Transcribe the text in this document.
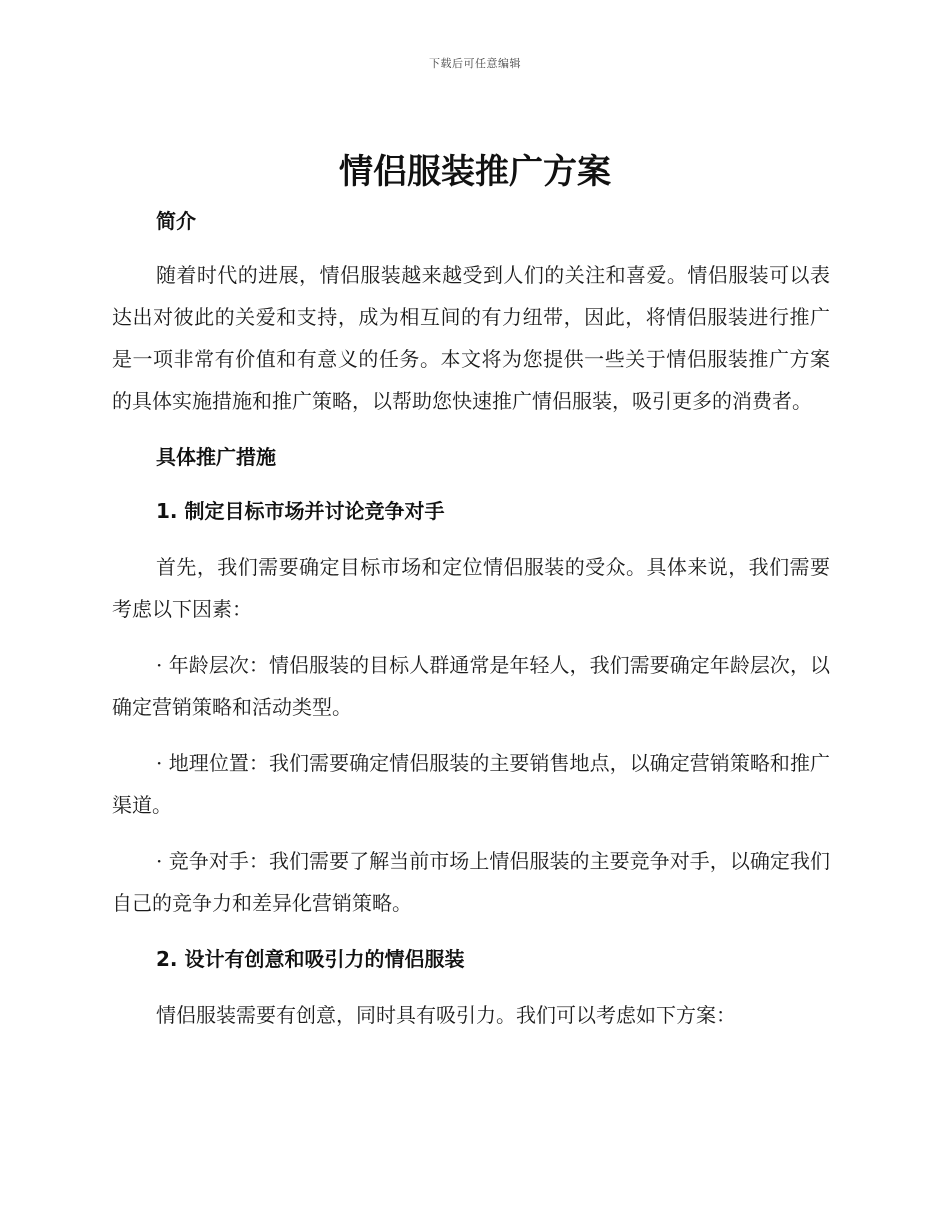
下载后可任意编辑
情侣服装推广方案

简介

随着时代的进展，情侣服装越来越受到人们的关注和喜爱。情侣服装可以表达出对彼此的关爱和支持，成为相互间的有力纽带，因此，将情侣服装进行推广是一项非常有价值和有意义的任务。本文将为您提供一些关于情侣服装推广方案的具体实施措施和推广策略，以帮助您快速推广情侣服装，吸引更多的消费者。

具体推广措施

1. 制定目标市场并讨论竞争对手

首先，我们需要确定目标市场和定位情侣服装的受众。具体来说，我们需要考虑以下因素：

· 年龄层次：情侣服装的目标人群通常是年轻人，我们需要确定年龄层次，以确定营销策略和活动类型。

· 地理位置：我们需要确定情侣服装的主要销售地点，以确定营销策略和推广渠道。

· 竞争对手：我们需要了解当前市场上情侣服装的主要竞争对手，以确定我们自己的竞争力和差异化营销策略。

2. 设计有创意和吸引力的情侣服装

情侣服装需要有创意，同时具有吸引力。我们可以考虑如下方案：
